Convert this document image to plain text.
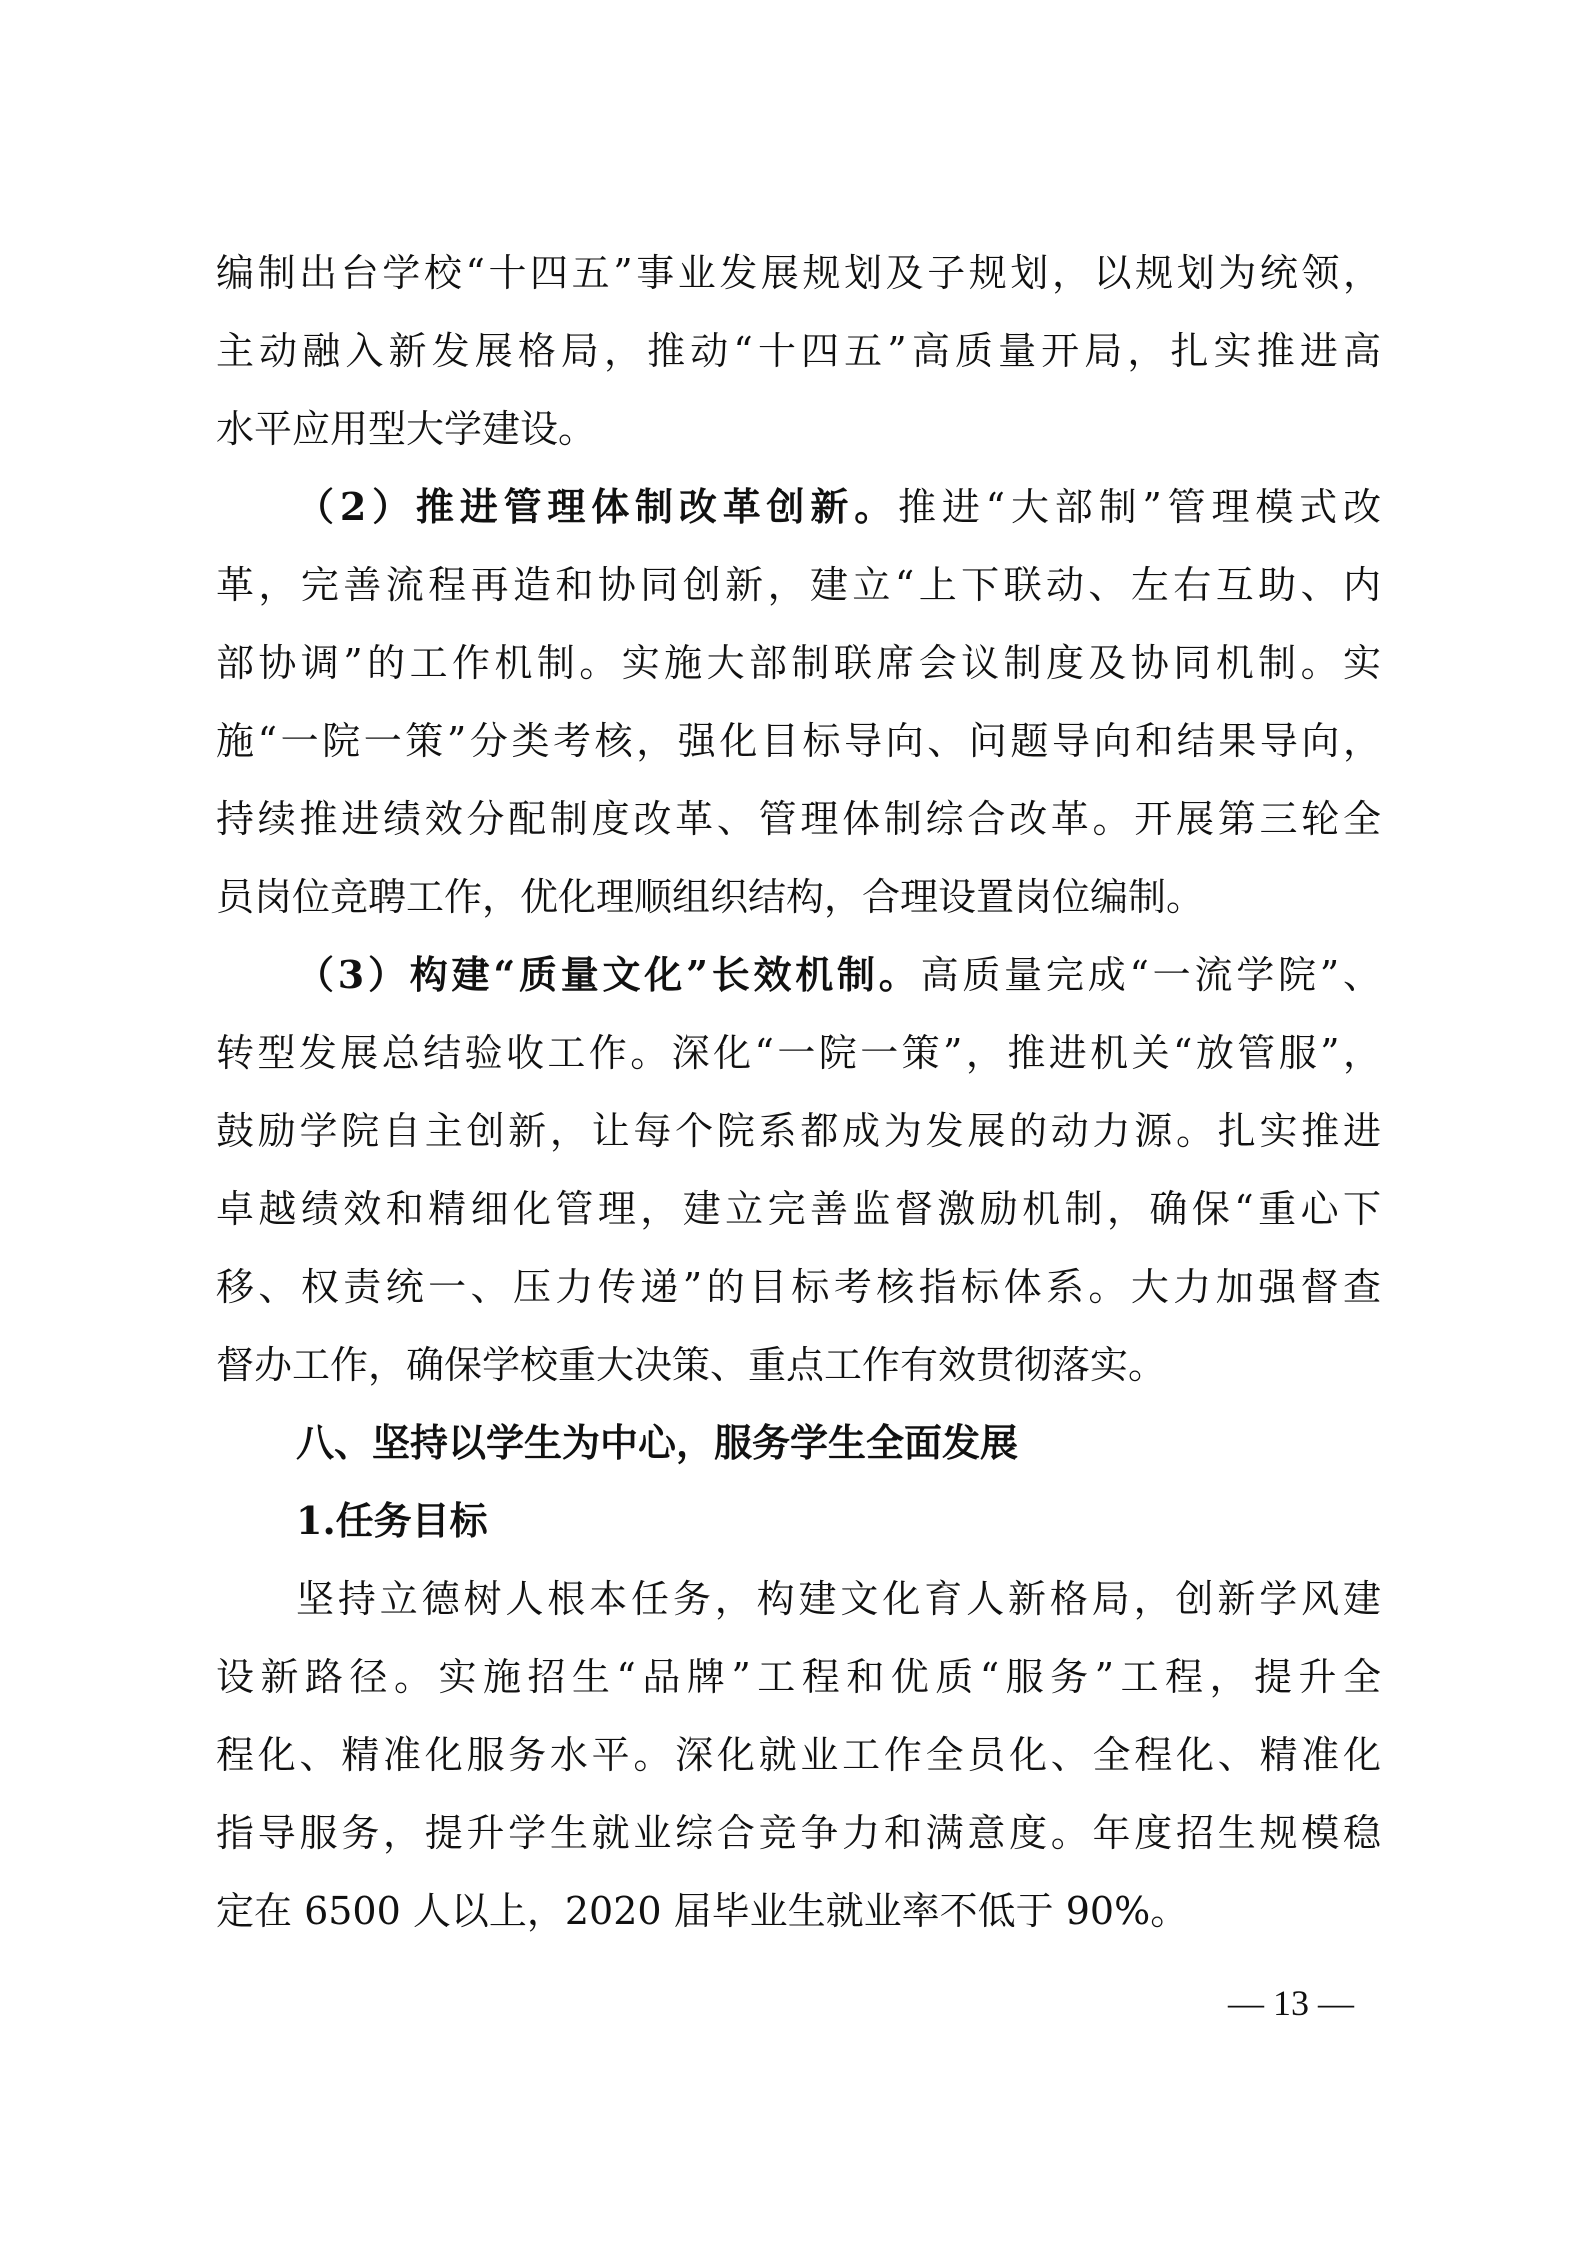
编制出台学校“十四五”事业发展规划及子规划，以规划为统领，
主动融入新发展格局，推动“十四五”高质量开局，扎实推进高
水平应用型大学建设。
（2）推进管理体制改革创新。推进“大部制”管理模式改
革，完善流程再造和协同创新，建立“上下联动、左右互助、内
部协调”的工作机制。实施大部制联席会议制度及协同机制。实
施“一院一策”分类考核，强化目标导向、问题导向和结果导向，
持续推进绩效分配制度改革、管理体制综合改革。开展第三轮全
员岗位竞聘工作，优化理顺组织结构，合理设置岗位编制。
（3）构建“质量文化”长效机制。高质量完成“一流学院”、
转型发展总结验收工作。深化“一院一策”，推进机关“放管服”，
鼓励学院自主创新，让每个院系都成为发展的动力源。扎实推进
卓越绩效和精细化管理，建立完善监督激励机制，确保“重心下
移、权责统一、压力传递”的目标考核指标体系。大力加强督查
督办工作，确保学校重大决策、重点工作有效贯彻落实。
八、坚持以学生为中心，服务学生全面发展
1.任务目标
坚持立德树人根本任务，构建文化育人新格局，创新学风建
设新路径。实施招生“品牌”工程和优质“服务”工程，提升全
程化、精准化服务水平。深化就业工作全员化、全程化、精准化
指导服务，提升学生就业综合竞争力和满意度。年度招生规模稳
定在 6500 人以上，2020 届毕业生就业率不低于 90%。
— 13 —
